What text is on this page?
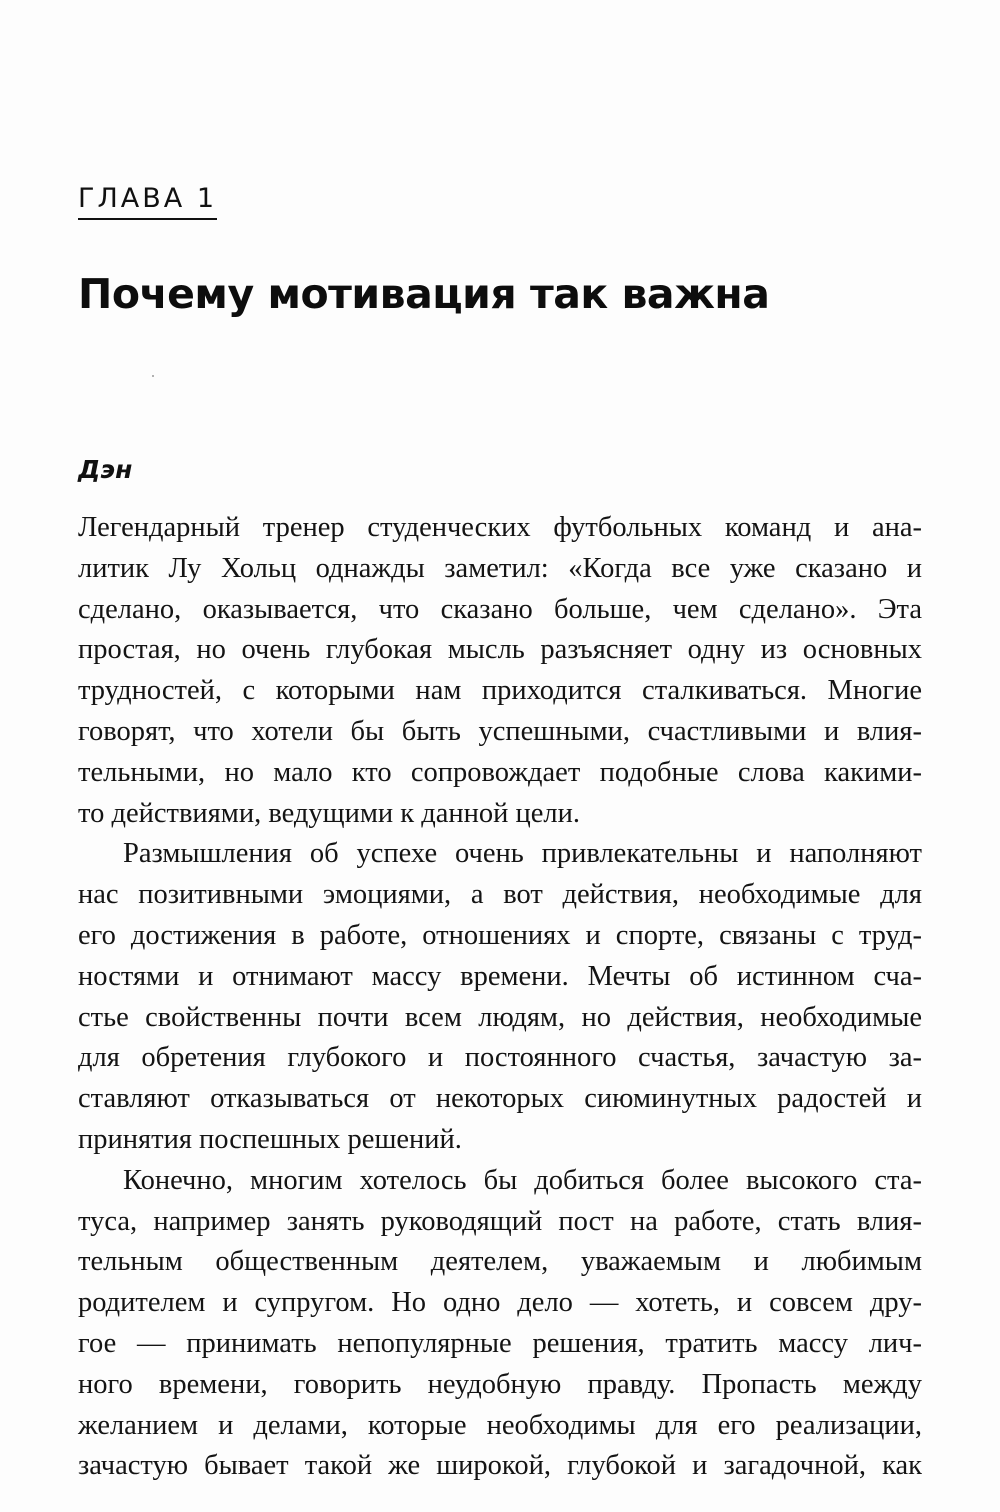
ГЛАВА 1
Почему мотивация так важна
Дэн

Легендарный тренер студенческих футбольных команд и ана-
литик Лу Хольц однажды заметил: «Когда все уже сказано и
сделано, оказывается, что сказано больше, чем сделано». Эта
простая, но очень глубокая мысль разъясняет одну из основных
трудностей, с которыми нам приходится сталкиваться. Многие
говорят, что хотели бы быть успешными, счастливыми и влия-
тельными, но мало кто сопровождает подобные слова какими-
то действиями, ведущими к данной цели.

Размышления об успехе очень привлекательны и наполняют
нас позитивными эмоциями, а вот действия, необходимые для
его достижения в работе, отношениях и спорте, связаны с труд-
ностями и отнимают массу времени. Мечты об истинном сча-
стье свойственны почти всем людям, но действия, необходимые
для обретения глубокого и постоянного счастья, зачастую за-
ставляют отказываться от некоторых сиюминутных радостей и
принятия поспешных решений.

Конечно, многим хотелось бы добиться более высокого ста-
туса, например занять руководящий пост на работе, стать влия-
тельным общественным деятелем, уважаемым и любимым
родителем и супругом. Но одно дело — хотеть, и совсем дру-
гое — принимать непопулярные решения, тратить массу лич-
ного времени, говорить неудобную правду. Пропасть между
желанием и делами, которые необходимы для его реализации,
зачастую бывает такой же широкой, глубокой и загадочной, как
